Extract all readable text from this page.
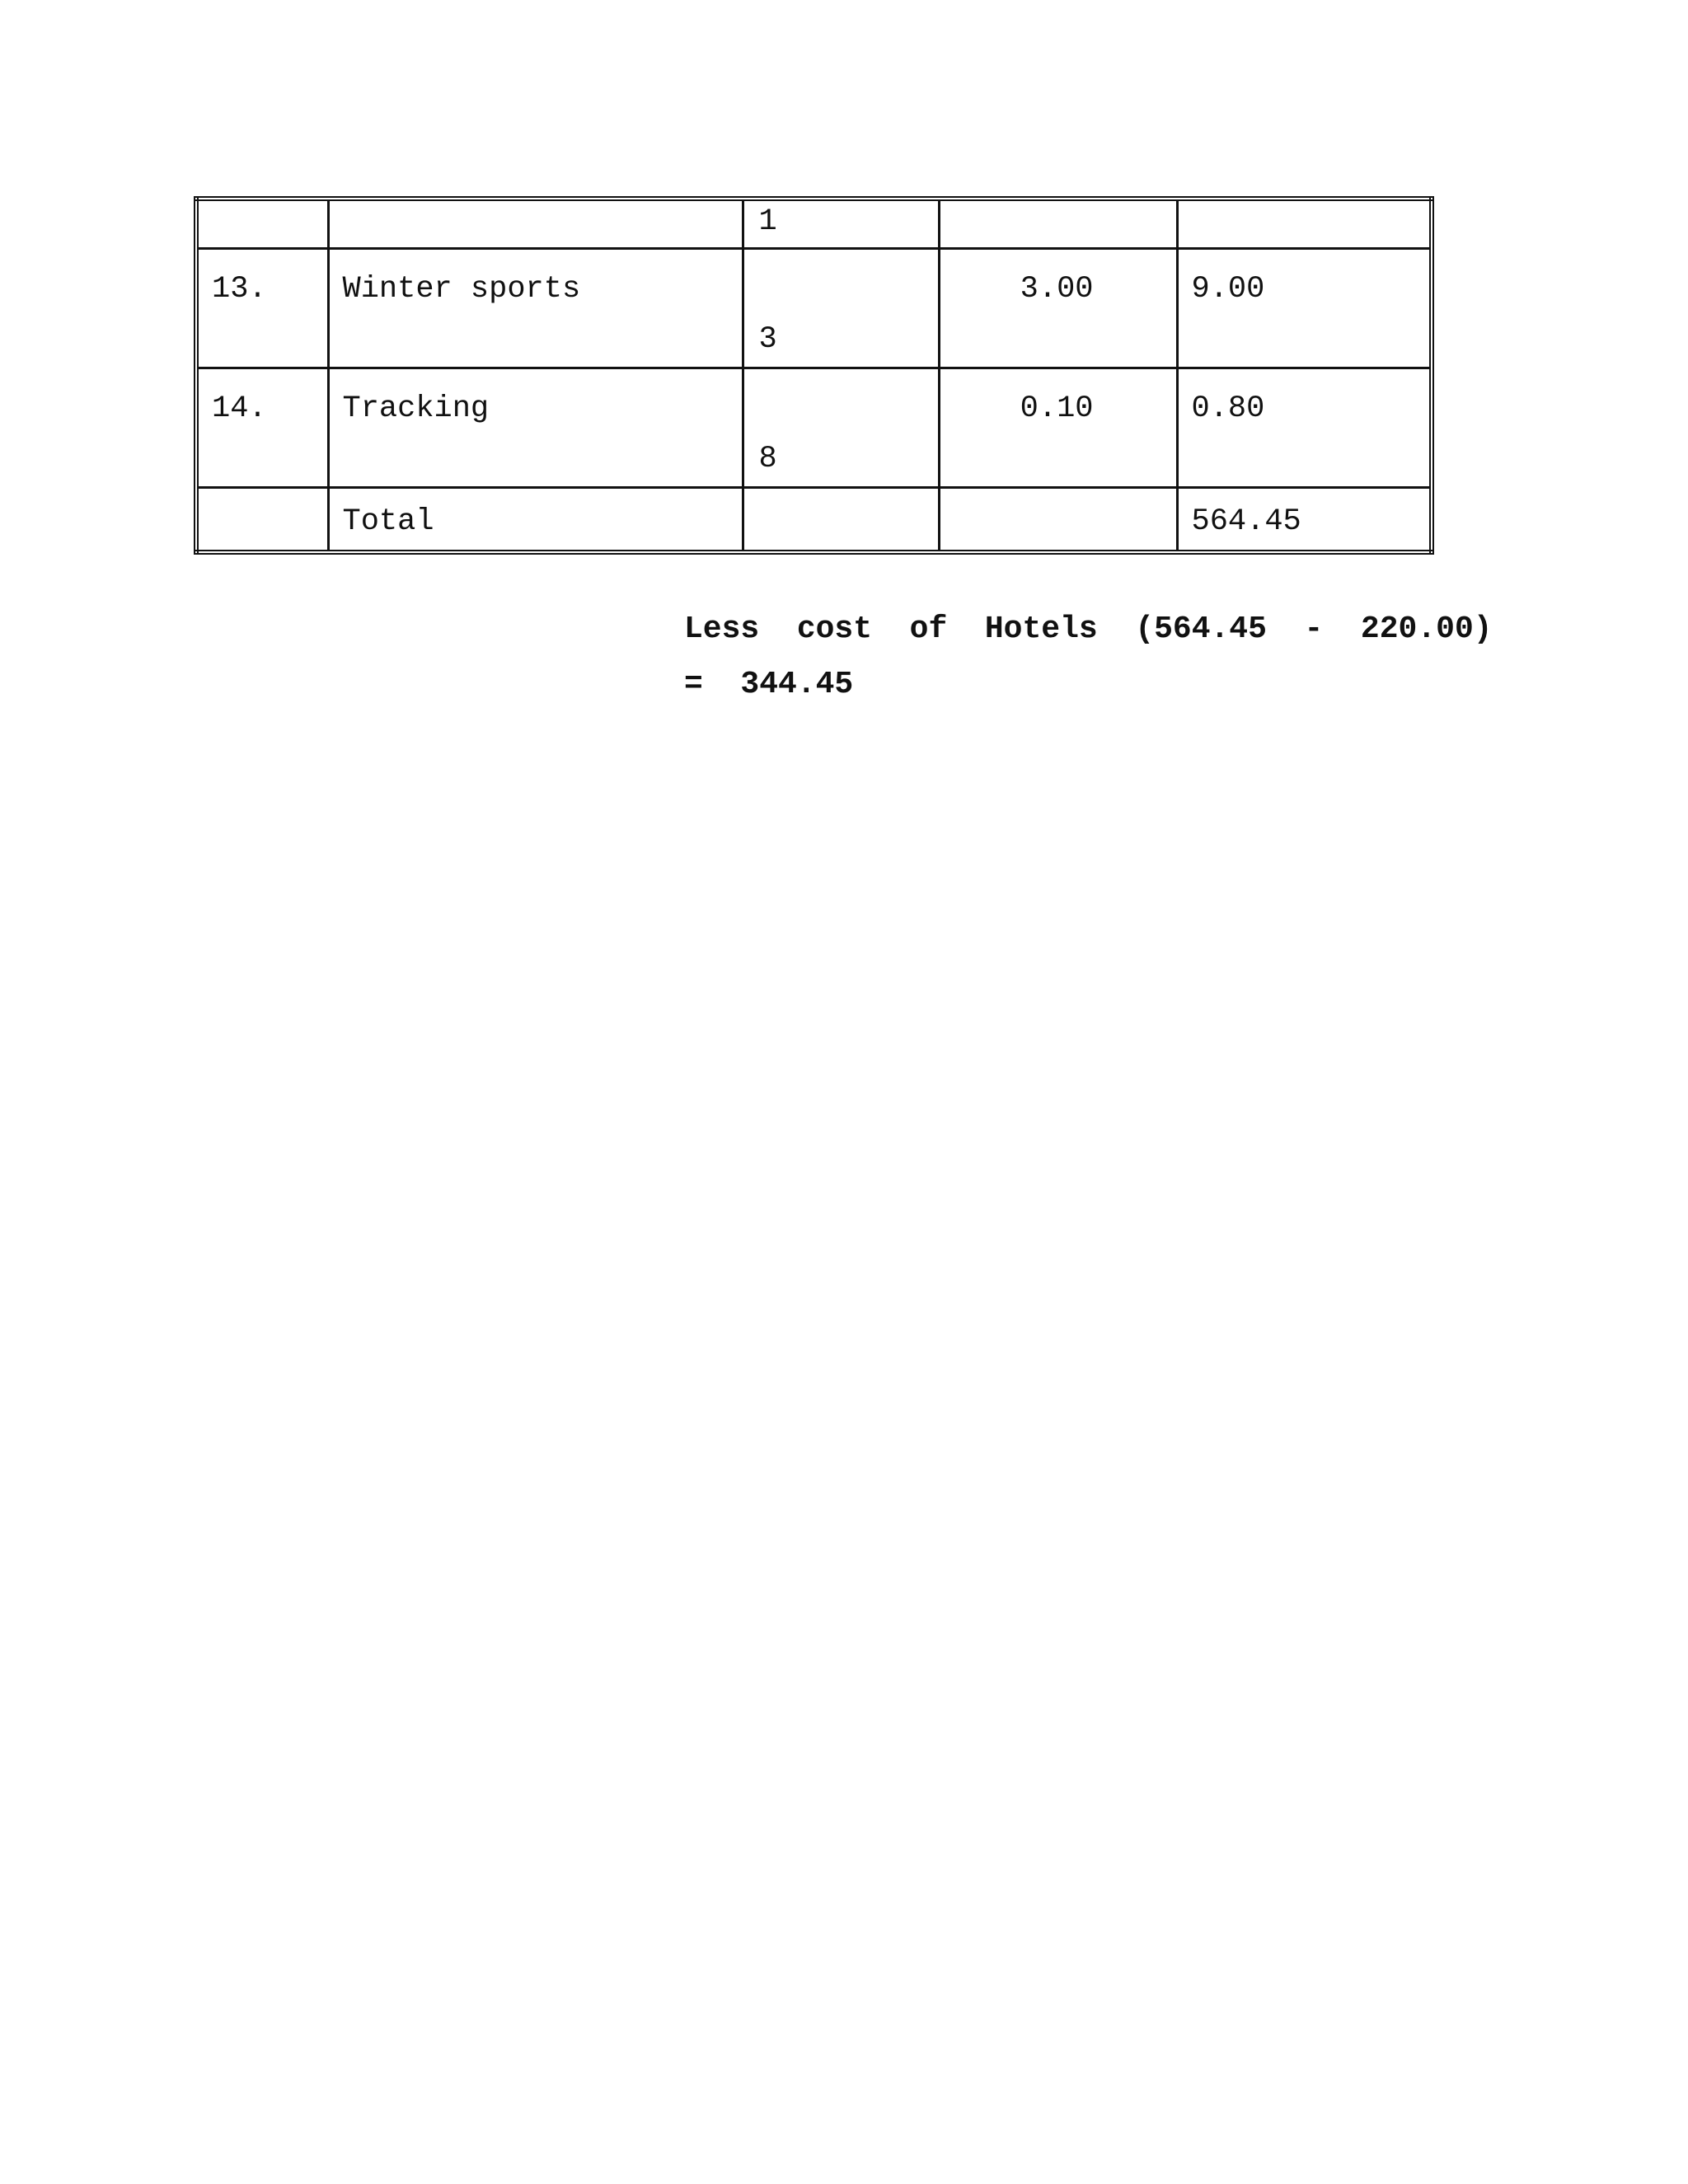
		1		

13.	Winter sports	3	3.00	9.00

14.	Tracking	8	0.10	0.80

	Total			564.45
Less  cost  of  Hotels  (564.45  -  220.00)
=  344.45
